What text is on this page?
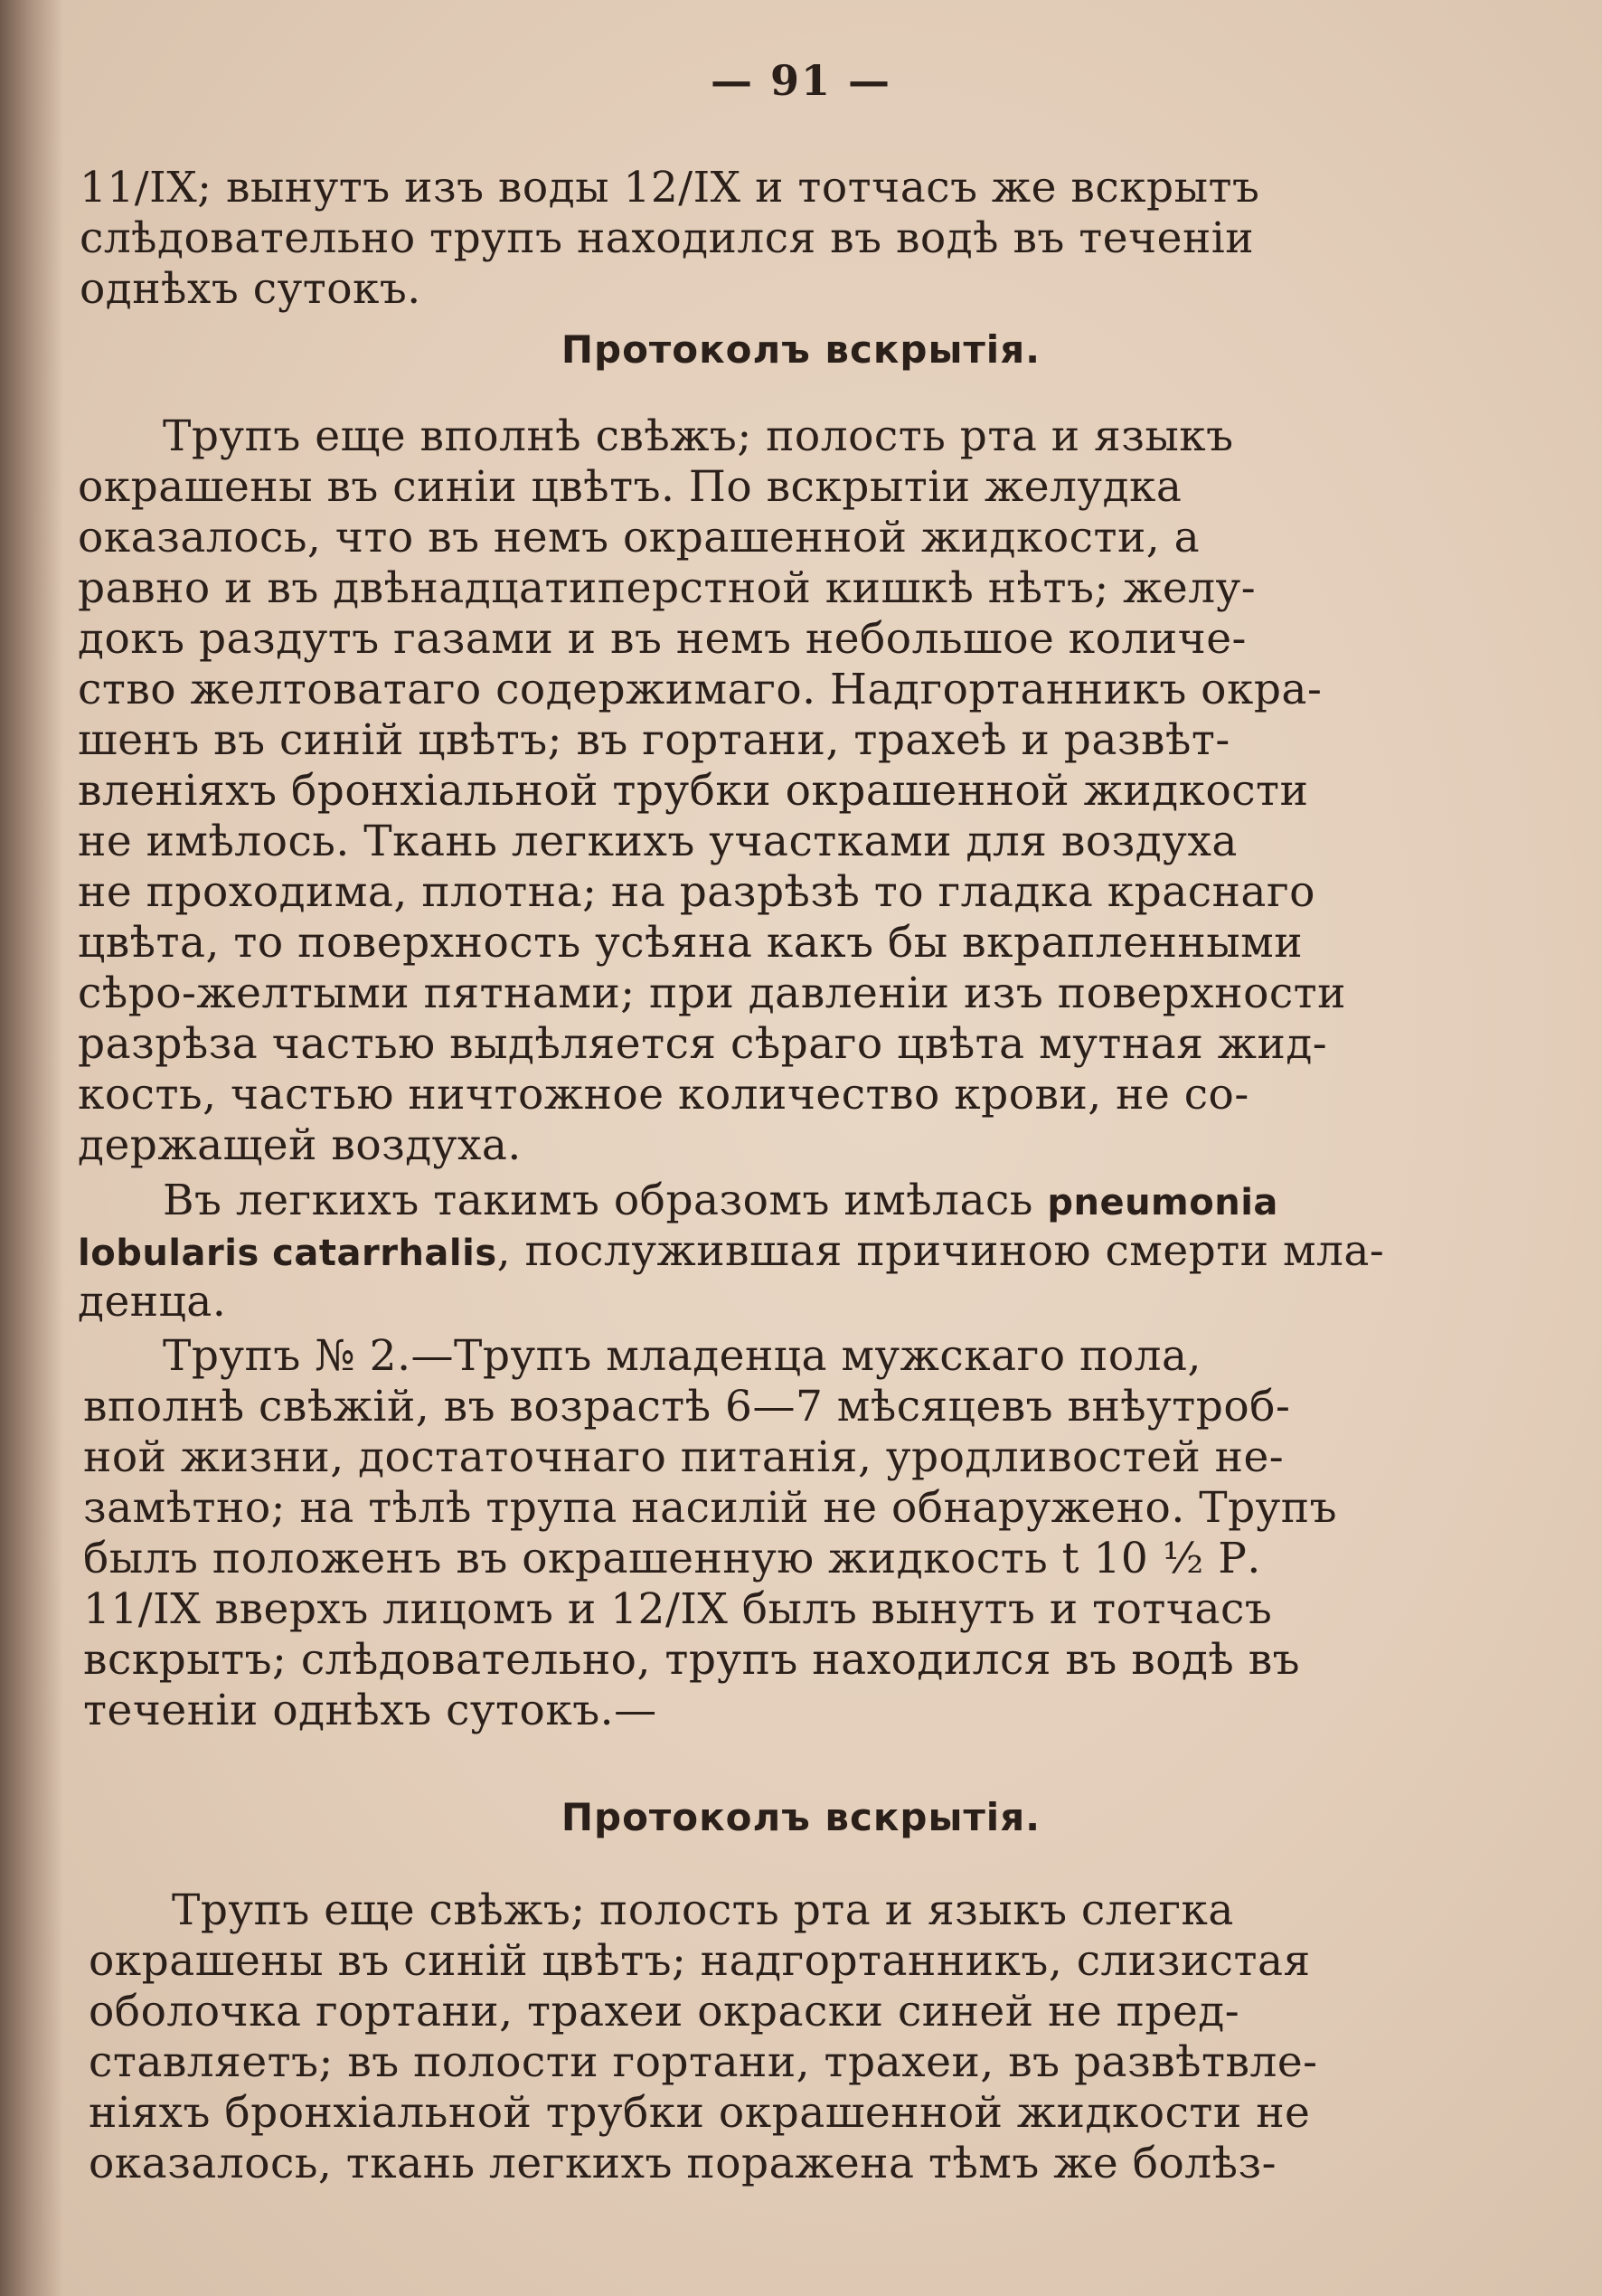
— 91 —
11/IX; вынутъ изъ воды 12/IX и тотчасъ же вскрытъ
слѣдовательно трупъ находился въ водѣ въ теченіи
однѣхъ сутокъ.
Протоколъ вскрытія.
Трупъ еще вполнѣ свѣжъ; полость рта и языкъ
окрашены въ синіи цвѣтъ. По вскрытіи желудка
оказалось, что въ немъ окрашенной жидкости, а
равно и въ двѣнадцатиперстной кишкѣ нѣтъ; желу-
докъ раздутъ газами и въ немъ небольшое количе-
ство желтоватаго содержимаго. Надгортанникъ окра-
шенъ въ синій цвѣтъ; въ гортани, трахеѣ и развѣт-
вленіяхъ бронхіальной трубки окрашенной жидкости
не имѣлось. Ткань легкихъ участками для воздуха
не проходима, плотна; на разрѣзѣ то гладка краснаго
цвѣта, то поверхность усѣяна какъ бы вкрапленными
сѣро-желтыми пятнами; при давленіи изъ поверхности
разрѣза частью выдѣляется сѣраго цвѣта мутная жид-
кость, частью ничтожное количество крови, не со-
держащей воздуха.
Въ легкихъ такимъ образомъ имѣлась pneumonia
lobularis catarrhalis, послужившая причиною смерти мла-
денца.
Трупъ № 2.—Трупъ младенца мужскаго пола,
вполнѣ свѣжій, въ возрастѣ 6—7 мѣсяцевъ внѣутроб-
ной жизни, достаточнаго питанія, уродливостей не-
замѣтно; на тѣлѣ трупа насилій не обнаружено. Трупъ
былъ положенъ въ окрашенную жидкость t 10 ½ Р.
11/IX вверхъ лицомъ и 12/IX былъ вынутъ и тотчасъ
вскрытъ; слѣдовательно, трупъ находился въ водѣ въ
теченіи однѣхъ сутокъ.—
Протоколъ вскрытія.
Трупъ еще свѣжъ; полость рта и языкъ слегка
окрашены въ синій цвѣтъ; надгортанникъ, слизистая
оболочка гортани, трахеи окраски синей не пред-
ставляетъ; въ полости гортани, трахеи, въ развѣтвле-
ніяхъ бронхіальной трубки окрашенной жидкости не
оказалось, ткань легкихъ поражена тѣмъ же болѣз-
